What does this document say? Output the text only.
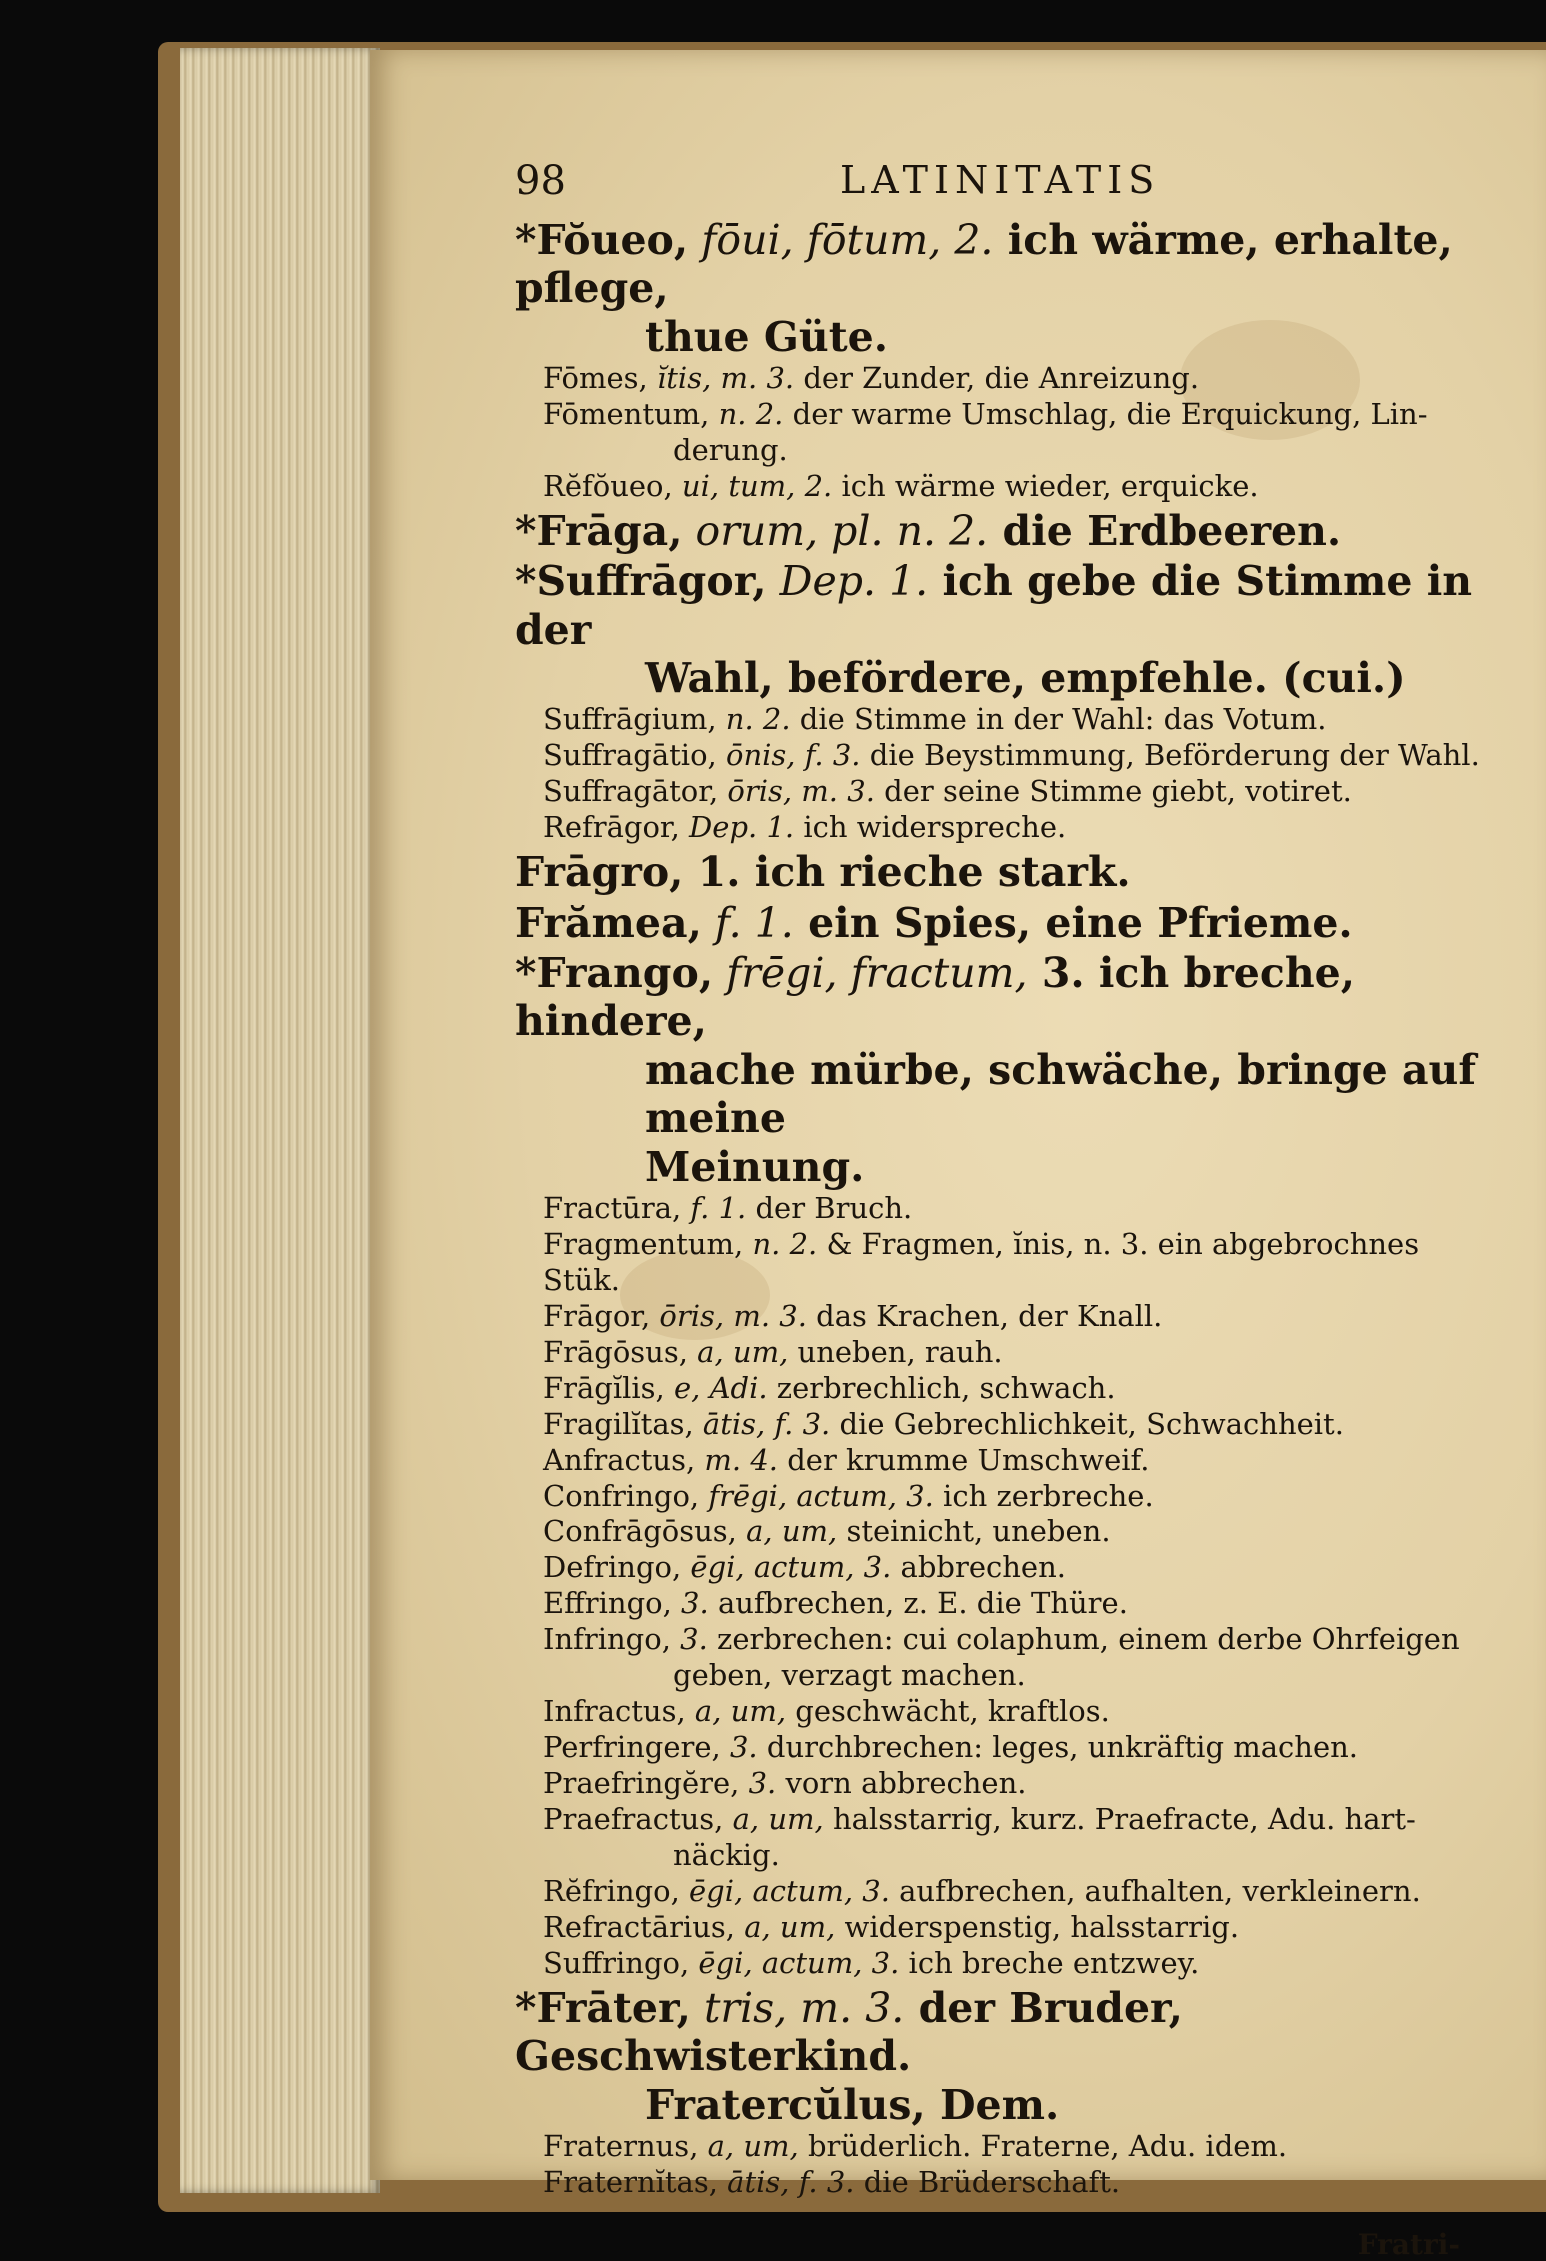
98	LATINITATIS
*Fŏueo, fōui, fōtum, 2. ich wärme, erhalte, pflege,
thue Güte.
Fōmes, ĭtis, m. 3. der Zunder, die Anreizung.
Fōmentum, n. 2. der warme Umschlag, die Erquickung, Lin-
derung.
Rĕfŏueo, ui, tum, 2. ich wärme wieder, erquicke.
*Frāga, orum, pl. n. 2. die Erdbeeren.
*Suffrāgor, Dep. 1. ich gebe die Stimme in der
Wahl, befördere, empfehle. (cui.)
Suffrāgium, n. 2. die Stimme in der Wahl: das Votum.
Suffragātio, ōnis, f. 3. die Beystimmung, Beförderung der Wahl.
Suffragātor, ōris, m. 3. der seine Stimme giebt, votiret.
Refrāgor, Dep. 1. ich widerspreche.
Frāgro, 1. ich rieche stark.
Frămea, f. 1. ein Spies, eine Pfrieme.
*Frango, frēgi, fractum, 3. ich breche, hindere,
mache mürbe, schwäche, bringe auf meine
Meinung.
Fractūra, f. 1. der Bruch.
Fragmentum, n. 2. & Fragmen, ĭnis, n. 3. ein abgebrochnes Stük.
Frāgor, ōris, m. 3. das Krachen, der Knall.
Frāgōsus, a, um, uneben, rauh.
Frāgĭlis, e, Adi. zerbrechlich, schwach.
Fragilĭtas, ātis, f. 3. die Gebrechlichkeit, Schwachheit.
Anfractus, m. 4. der krumme Umschweif.
Confringo, frēgi, actum, 3. ich zerbreche.
Confrāgōsus, a, um, steinicht, uneben.
Defringo, ēgi, actum, 3. abbrechen.
Effringo, 3. aufbrechen, z. E. die Thüre.
Infringo, 3. zerbrechen: cui colaphum, einem derbe Ohrfeigen
geben, verzagt machen.
Infractus, a, um, geschwächt, kraftlos.
Perfringere, 3. durchbrechen: leges, unkräftig machen.
Praefringĕre, 3. vorn abbrechen.
Praefractus, a, um, halsstarrig, kurz. Praefracte, Adu. hart-
näckig.
Rĕfringo, ēgi, actum, 3. aufbrechen, aufhalten, verkleinern.
Refractārius, a, um, widerspenstig, halsstarrig.
Suffringo, ēgi, actum, 3. ich breche entzwey.
*Frāter, tris, m. 3. der Bruder, Geschwisterkind.
Fratercŭlus, Dem.
Fraternus, a, um, brüderlich. Fraterne, Adu. idem.
Fraternĭtas, ātis, f. 3. die Brüderschaft.
Fratri-
